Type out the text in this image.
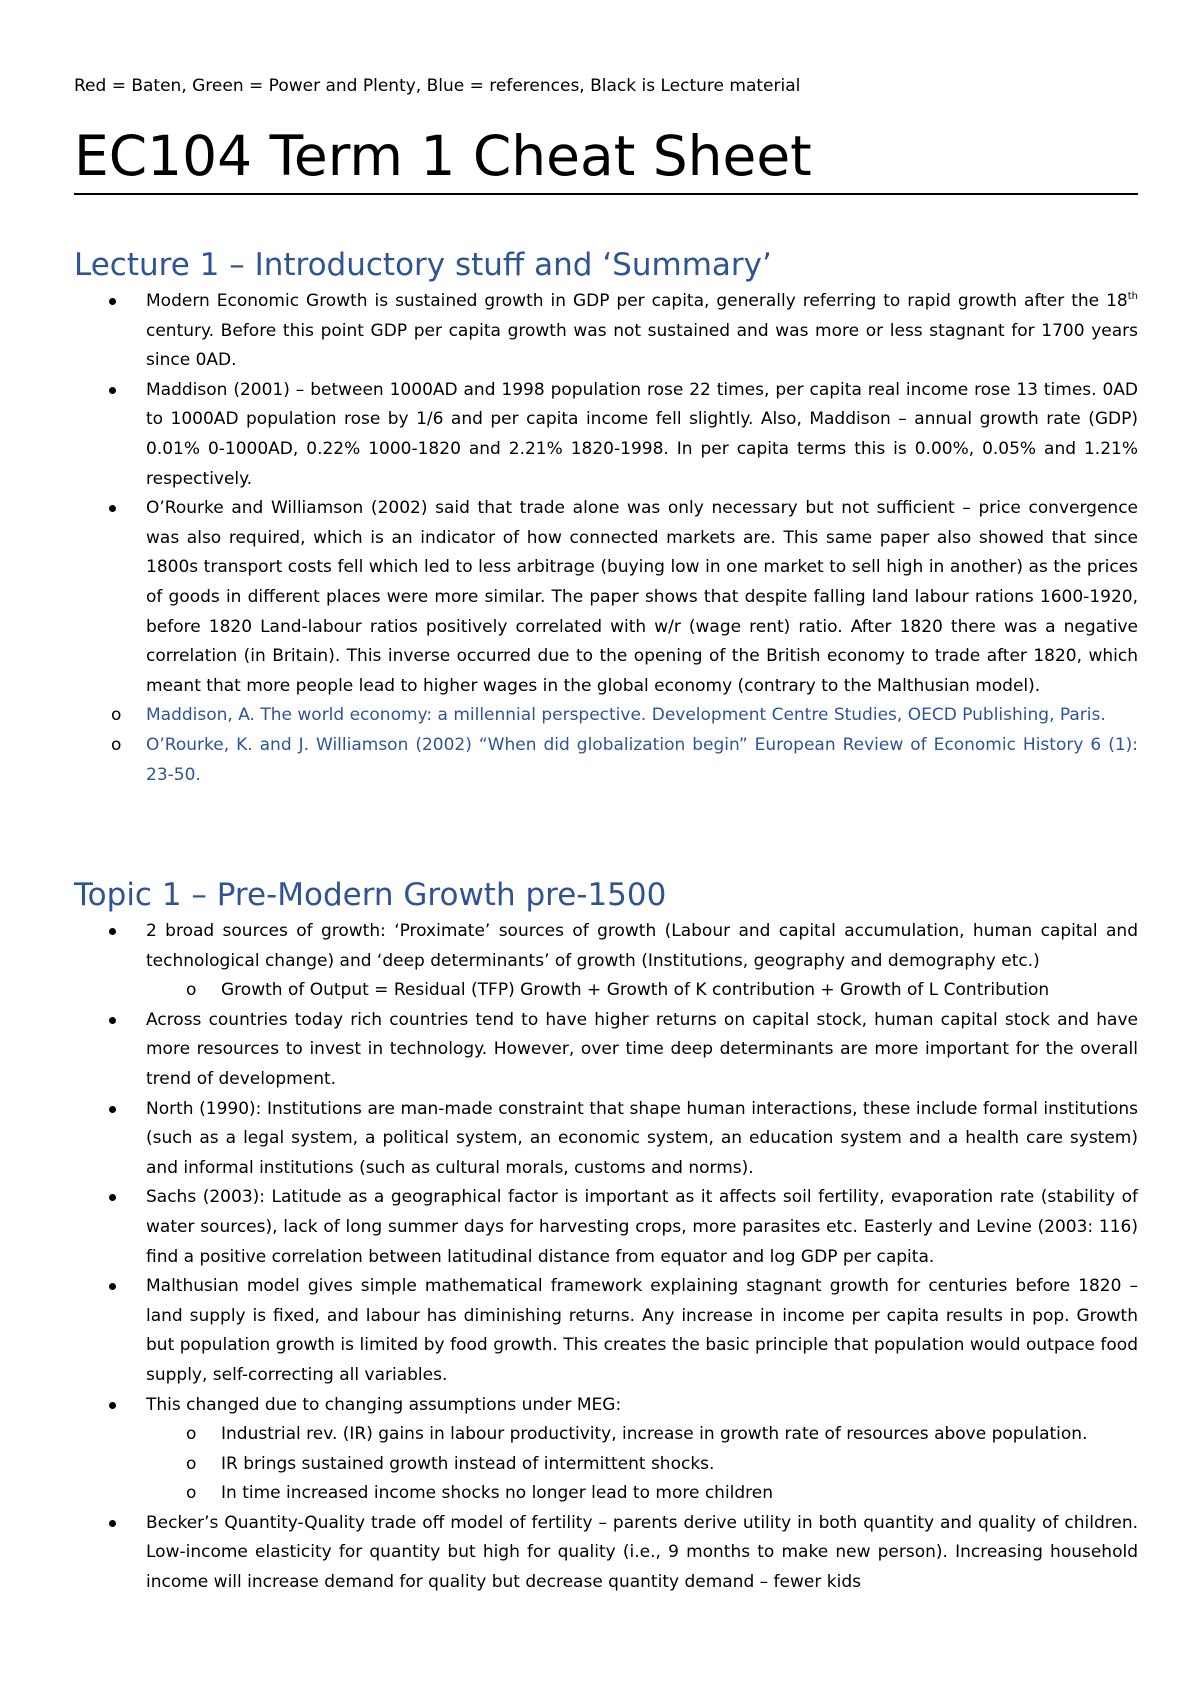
Red = Baten, Green = Power and Plenty, Blue = references, Black is Lecture material
EC104 Term 1 Cheat Sheet
Lecture 1 – Introductory stuff and ‘Summary’
Modern Economic Growth is sustained growth in GDP per capita, generally referring to rapid growth after the 18th century. Before this point GDP per capita growth was not sustained and was more or less stagnant for 1700 years since 0AD.
Maddison (2001) – between 1000AD and 1998 population rose 22 times, per capita real income rose 13 times. 0AD to 1000AD population rose by 1/6 and per capita income fell slightly. Also, Maddison – annual growth rate (GDP) 0.01% 0-1000AD, 0.22% 1000-1820 and 2.21% 1820-1998. In per capita terms this is 0.00%, 0.05% and 1.21% respectively.
O’Rourke and Williamson (2002) said that trade alone was only necessary but not sufficient – price convergence was also required, which is an indicator of how connected markets are. This same paper also showed that since 1800s transport costs fell which led to less arbitrage (buying low in one market to sell high in another) as the prices of goods in different places were more similar. The paper shows that despite falling land labour rations 1600-1920, before 1820 Land-labour ratios positively correlated with w/r (wage rent) ratio. After 1820 there was a negative correlation (in Britain). This inverse occurred due to the opening of the British economy to trade after 1820, which meant that more people lead to higher wages in the global economy (contrary to the Malthusian model).
o Maddison, A. The world economy: a millennial perspective. Development Centre Studies, OECD Publishing, Paris.
o O’Rourke, K. and J. Williamson (2002) “When did globalization begin” European Review of Economic History 6 (1): 23-50.
Topic 1 – Pre-Modern Growth pre-1500
2 broad sources of growth: ‘Proximate’ sources of growth (Labour and capital accumulation, human capital and technological change) and ‘deep determinants’ of growth (Institutions, geography and demography etc.)
o Growth of Output = Residual (TFP) Growth + Growth of K contribution + Growth of L Contribution
Across countries today rich countries tend to have higher returns on capital stock, human capital stock and have more resources to invest in technology. However, over time deep determinants are more important for the overall trend of development.
North (1990): Institutions are man-made constraint that shape human interactions, these include formal institutions (such as a legal system, a political system, an economic system, an education system and a health care system) and informal institutions (such as cultural morals, customs and norms).
Sachs (2003): Latitude as a geographical factor is important as it affects soil fertility, evaporation rate (stability of water sources), lack of long summer days for harvesting crops, more parasites etc. Easterly and Levine (2003: 116) find a positive correlation between latitudinal distance from equator and log GDP per capita.
Malthusian model gives simple mathematical framework explaining stagnant growth for centuries before 1820 – land supply is fixed, and labour has diminishing returns. Any increase in income per capita results in pop. Growth but population growth is limited by food growth. This creates the basic principle that population would outpace food supply, self-correcting all variables.
This changed due to changing assumptions under MEG:
o Industrial rev. (IR) gains in labour productivity, increase in growth rate of resources above population.
o IR brings sustained growth instead of intermittent shocks.
o In time increased income shocks no longer lead to more children
Becker’s Quantity-Quality trade off model of fertility – parents derive utility in both quantity and quality of children. Low-income elasticity for quantity but high for quality (i.e., 9 months to make new person). Increasing household income will increase demand for quality but decrease quantity demand – fewer kids
